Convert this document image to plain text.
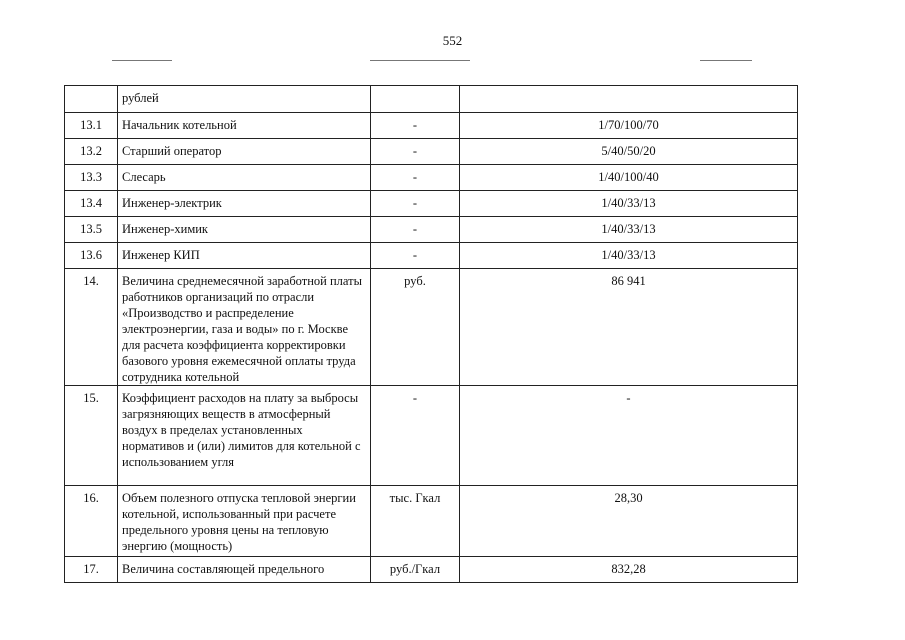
552
	рублей		
13.1	Начальник котельной	-	1/70/100/70
13.2	Старший оператор	-	5/40/50/20
13.3	Слесарь	-	1/40/100/40
13.4	Инженер-электрик	-	1/40/33/13
13.5	Инженер-химик	-	1/40/33/13
13.6	Инженер КИП	-	1/40/33/13
14.	Величина среднемесячной заработной платы работников организаций по отрасли «Производство и распределение электроэнергии, газа и воды» по г. Москве для расчета коэффициента корректировки базового уровня ежемесячной оплаты труда сотрудника котельной	руб.	86 941
15.	Коэффициент расходов на плату за выбросы загрязняющих веществ в атмосферный воздух в пределах установленных нормативов и (или) лимитов для котельной с использованием угля	-	-
16.	Объем полезного отпуска тепловой энергии котельной, использованный при расчете предельного уровня цены на тепловую энергию (мощность)	тыс. Гкал	28,30
17.	Величина составляющей предельного	руб./Гкал	832,28
